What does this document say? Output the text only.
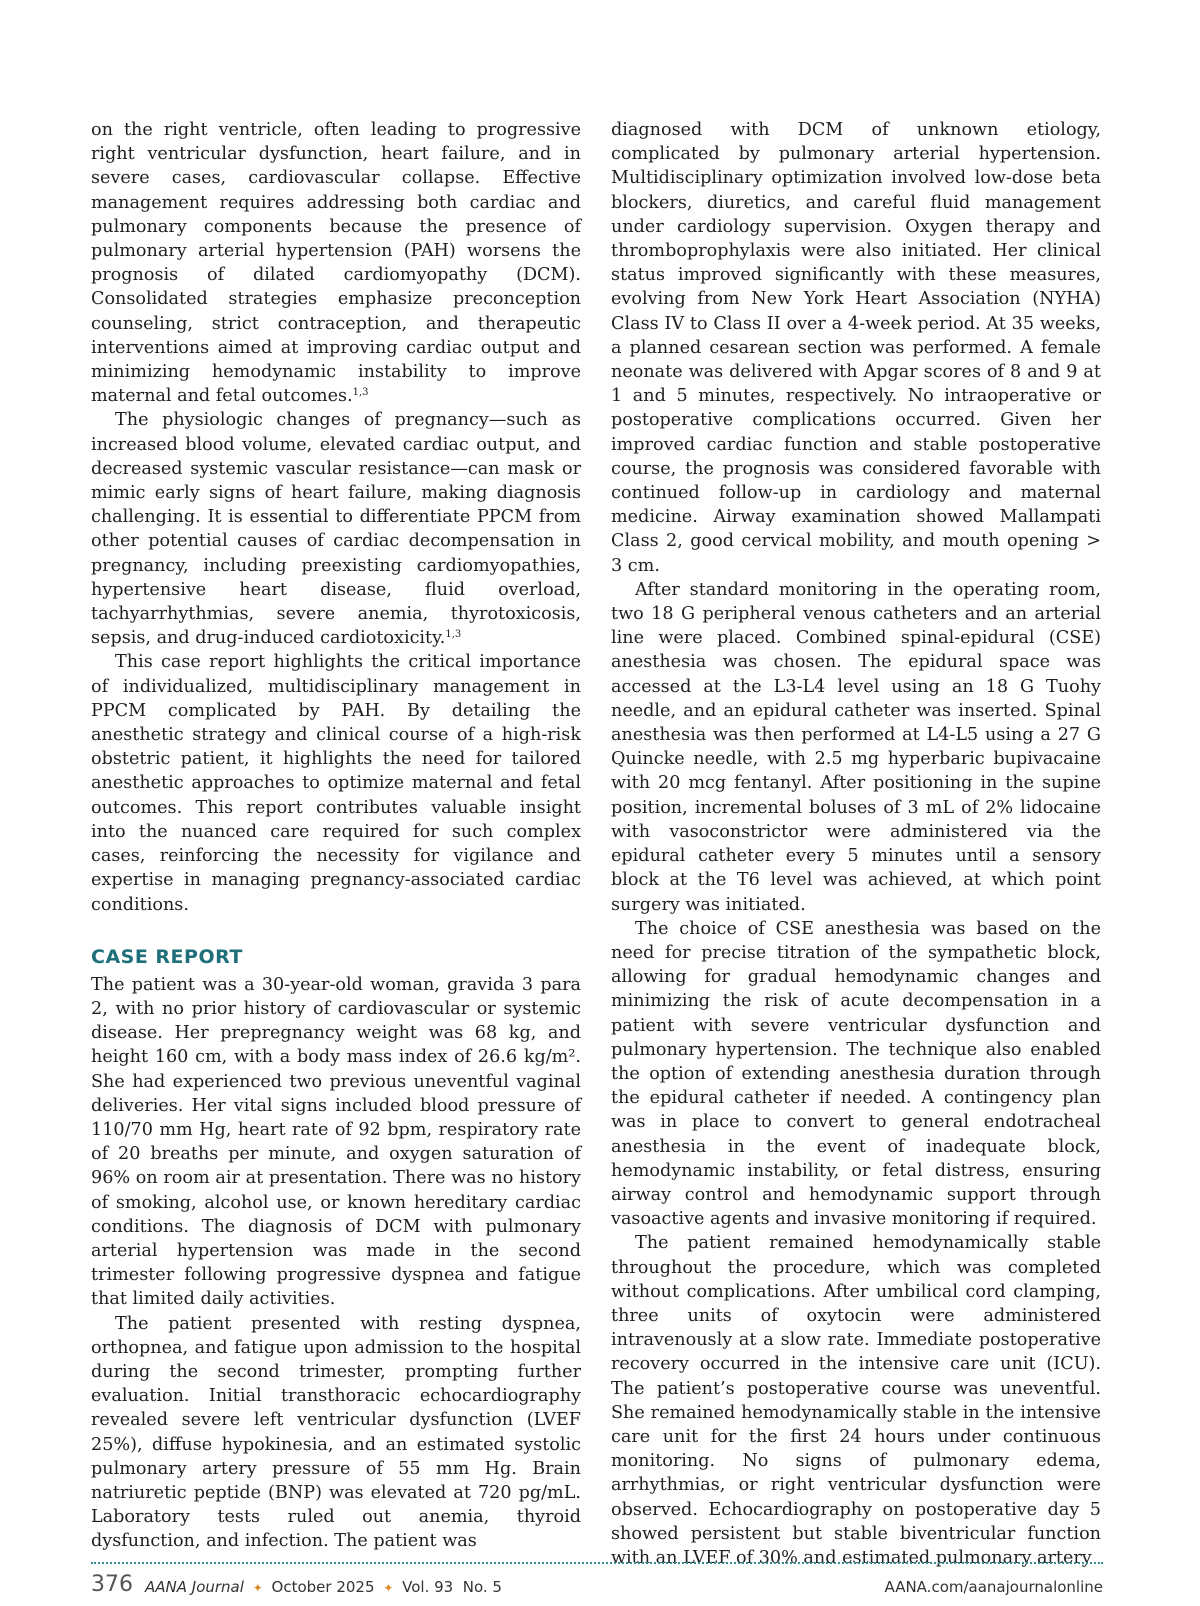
on the right ventricle, often leading to progressive right ventricular dysfunction, heart failure, and in severe cases, cardiovascular collapse. Effective management requires addressing both cardiac and pulmonary components because the presence of pulmonary arterial hypertension (PAH) worsens the prognosis of dilated cardiomyopathy (DCM). Consolidated strategies emphasize preconception counseling, strict contraception, and therapeutic interventions aimed at improving cardiac output and minimizing hemodynamic instability to improve maternal and fetal outcomes.$^{1,3}$

The physiologic changes of pregnancy—such as increased blood volume, elevated cardiac output, and decreased systemic vascular resistance—can mask or mimic early signs of heart failure, making diagnosis challenging. It is essential to differentiate PPCM from other potential causes of cardiac decompensation in pregnancy, including preexisting cardiomyopathies, hypertensive heart disease, fluid overload, tachyarrhythmias, severe anemia, thyrotoxicosis, sepsis, and drug-induced cardiotoxicity.$^{1,3}$

This case report highlights the critical importance of individualized, multidisciplinary management in PPCM complicated by PAH. By detailing the anesthetic strategy and clinical course of a high-risk obstetric patient, it highlights the need for tailored anesthetic approaches to optimize maternal and fetal outcomes. This report contributes valuable insight into the nuanced care required for such complex cases, reinforcing the necessity for vigilance and expertise in managing pregnancy-associated cardiac conditions.

CASE REPORT

The patient was a 30-year-old woman, gravida 3 para 2, with no prior history of cardiovascular or systemic disease. Her prepregnancy weight was 68 kg, and height 160 cm, with a body mass index of 26.6 kg/m². She had experienced two previous uneventful vaginal deliveries. Her vital signs included blood pressure of 110/70 mm Hg, heart rate of 92 bpm, respiratory rate of 20 breaths per minute, and oxygen saturation of 96% on room air at presentation. There was no history of smoking, alcohol use, or known hereditary cardiac conditions. The diagnosis of DCM with pulmonary arterial hypertension was made in the second trimester following progressive dyspnea and fatigue that limited daily activities.

The patient presented with resting dyspnea, orthopnea, and fatigue upon admission to the hospital during the second trimester, prompting further evaluation. Initial transthoracic echocardiography revealed severe left ventricular dysfunction (LVEF 25%), diffuse hypokinesia, and an estimated systolic pulmonary artery pressure of 55 mm Hg. Brain natriuretic peptide (BNP) was elevated at 720 pg/mL. Laboratory tests ruled out anemia, thyroid dysfunction, and infection. The patient was

diagnosed with DCM of unknown etiology, complicated by pulmonary arterial hypertension. Multidisciplinary optimization involved low-dose beta blockers, diuretics, and careful fluid management under cardiology supervision. Oxygen therapy and thromboprophylaxis were also initiated. Her clinical status improved significantly with these measures, evolving from New York Heart Association (NYHA) Class IV to Class II over a 4-week period. At 35 weeks, a planned cesarean section was performed. A female neonate was delivered with Apgar scores of 8 and 9 at 1 and 5 minutes, respectively. No intraoperative or postoperative complications occurred. Given her improved cardiac function and stable postoperative course, the prognosis was considered favorable with continued follow-up in cardiology and maternal medicine. Airway examination showed Mallampati Class 2, good cervical mobility, and mouth opening > 3 cm.

After standard monitoring in the operating room, two 18 G peripheral venous catheters and an arterial line were placed. Combined spinal-epidural (CSE) anesthesia was chosen. The epidural space was accessed at the L3-L4 level using an 18 G Tuohy needle, and an epidural catheter was inserted. Spinal anesthesia was then performed at L4-L5 using a 27 G Quincke needle, with 2.5 mg hyperbaric bupivacaine with 20 mcg fentanyl. After positioning in the supine position, incremental boluses of 3 mL of 2% lidocaine with vasoconstrictor were administered via the epidural catheter every 5 minutes until a sensory block at the T6 level was achieved, at which point surgery was initiated.

The choice of CSE anesthesia was based on the need for precise titration of the sympathetic block, allowing for gradual hemodynamic changes and minimizing the risk of acute decompensation in a patient with severe ventricular dysfunction and pulmonary hypertension. The technique also enabled the option of extending anesthesia duration through the epidural catheter if needed. A contingency plan was in place to convert to general endotracheal anesthesia in the event of inadequate block, hemodynamic instability, or fetal distress, ensuring airway control and hemodynamic support through vasoactive agents and invasive monitoring if required.

The patient remained hemodynamically stable throughout the procedure, which was completed without complications. After umbilical cord clamping, three units of oxytocin were administered intravenously at a slow rate. Immediate postoperative recovery occurred in the intensive care unit (ICU). The patient’s postoperative course was uneventful. She remained hemodynamically stable in the intensive care unit for the first 24 hours under continuous monitoring. No signs of pulmonary edema, arrhythmias, or right ventricular dysfunction were observed. Echocardiography on postoperative day 5 showed persistent but stable biventricular function with an LVEF of 30% and estimated pulmonary artery

376 AANA Journal ✦ October 2025 ✦ Vol. 93  No. 5	AANA.com/aanajournalonline
